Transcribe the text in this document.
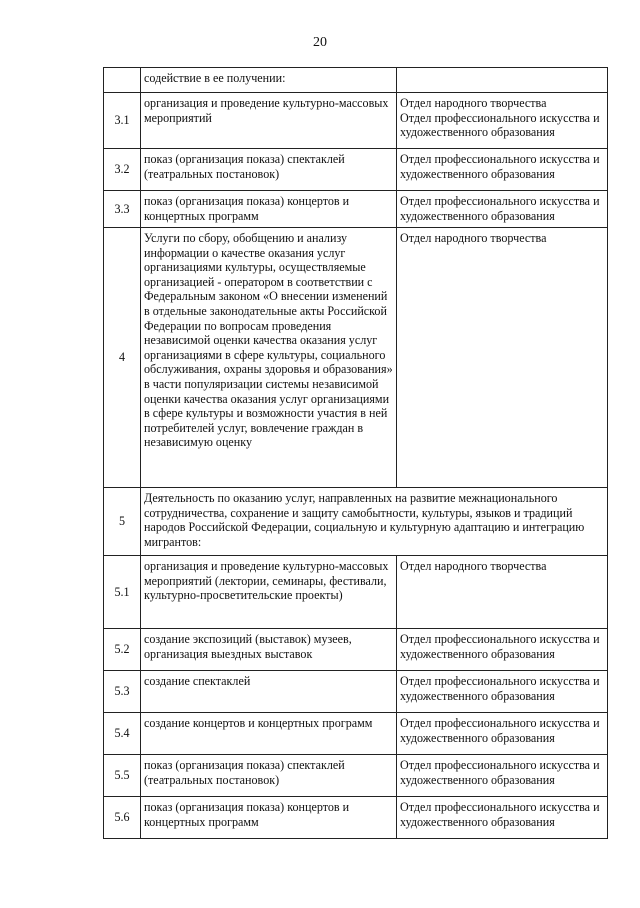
20
	содействие в ее получении:	
3.1	организация и проведение культурно-массовых мероприятий	Отдел народного творчества
Отдел профессионального искусства и художественного образования
3.2	показ (организация показа) спектаклей (театральных постановок)	Отдел профессионального искусства и художественного образования
3.3	показ (организация показа) концертов и концертных программ	Отдел профессионального искусства и художественного образования
4	Услуги по сбору, обобщению и анализу информации о качестве оказания услуг организациями культуры, осуществляемые организацией - оператором в соответствии с Федеральным законом «О внесении изменений в отдельные законодательные акты Российской Федерации по вопросам проведения независимой оценки качества оказания услуг организациями в сфере культуры, социального обслуживания, охраны здоровья и образования» в части популяризации системы независимой оценки качества оказания услуг организациями в сфере культуры и возможности участия в ней потребителей услуг, вовлечение граждан в независимую оценку	Отдел народного творчества
5	Деятельность по оказанию услуг, направленных на развитие межнационального сотрудничества, сохранение и защиту самобытности, культуры, языков и традиций народов Российской Федерации, социальную и культурную адаптацию и интеграцию мигрантов:	
5.1	организация и проведение культурно-массовых мероприятий (лектории, семинары, фестивали, культурно-просветительские проекты)	Отдел народного творчества
5.2	создание экспозиций (выставок) музеев, организация выездных выставок	Отдел профессионального искусства и художественного образования
5.3	создание спектаклей	Отдел профессионального искусства и художественного образования
5.4	создание концертов и концертных программ	Отдел профессионального искусства и художественного образования
5.5	показ (организация показа) спектаклей (театральных постановок)	Отдел профессионального искусства и художественного образования
5.6	показ (организация показа) концертов и концертных программ	Отдел профессионального искусства и художественного образования
